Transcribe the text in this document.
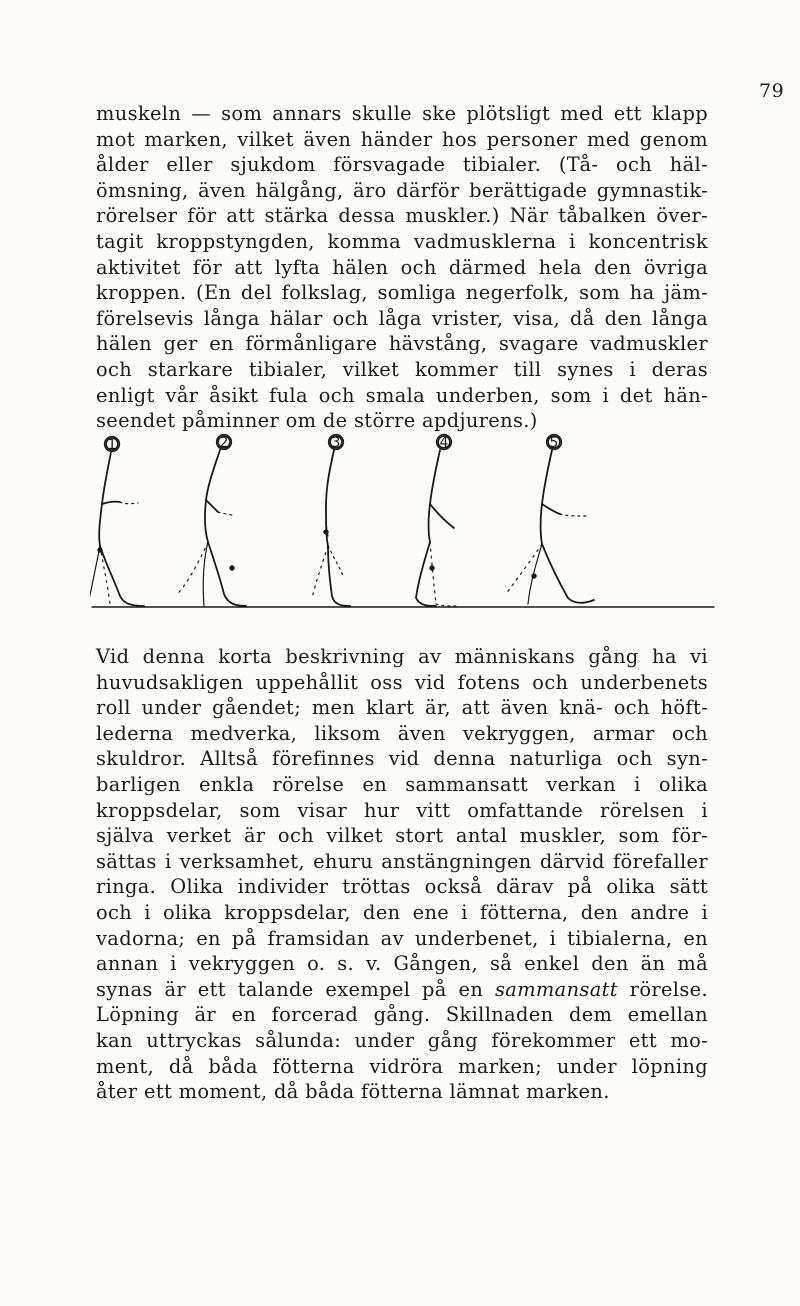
79
muskeln — som annars skulle ske plötsligt med ett klapp
mot marken, vilket även händer hos personer med genom
ålder eller sjukdom försvagade tibialer. (Tå- och häl-
ömsning, även hälgång, äro därför berättigade gymnastik-
rörelser för att stärka dessa muskler.) När tåbalken över-
tagit kroppstyngden, komma vadmusklerna i koncentrisk
aktivitet för att lyfta hälen och därmed hela den övriga
kroppen. (En del folkslag, somliga negerfolk, som ha jäm-
förelsevis långa hälar och låga vrister, visa, då den långa
hälen ger en förmånligare hävstång, svagare vadmuskler
och starkare tibialer, vilket kommer till synes i deras
enligt vår åsikt fula och smala underben, som i det hän-
seendet påminner om de större apdjurens.)
1	2	3	4	5
Vid denna korta beskrivning av människans gång ha vi
huvudsakligen uppehållit oss vid fotens och underbenets
roll under gåendet; men klart är, att även knä- och höft-
lederna medverka, liksom även vekryggen, armar och
skuldror. Alltså förefinnes vid denna naturliga och syn-
barligen enkla rörelse en sammansatt verkan i olika
kroppsdelar, som visar hur vitt omfattande rörelsen i
själva verket är och vilket stort antal muskler, som för-
sättas i verksamhet, ehuru anstängningen därvid förefaller
ringa. Olika individer tröttas också därav på olika sätt
och i olika kroppsdelar, den ene i fötterna, den andre i
vadorna; en på framsidan av underbenet, i tibialerna, en
annan i vekryggen o. s. v. Gången, så enkel den än må
synas är ett talande exempel på en sammansatt rörelse.
Löpning är en forcerad gång. Skillnaden dem emellan
kan uttryckas sålunda: under gång förekommer ett mo-
ment, då båda fötterna vidröra marken; under löpning
åter ett moment, då båda fötterna lämnat marken.
